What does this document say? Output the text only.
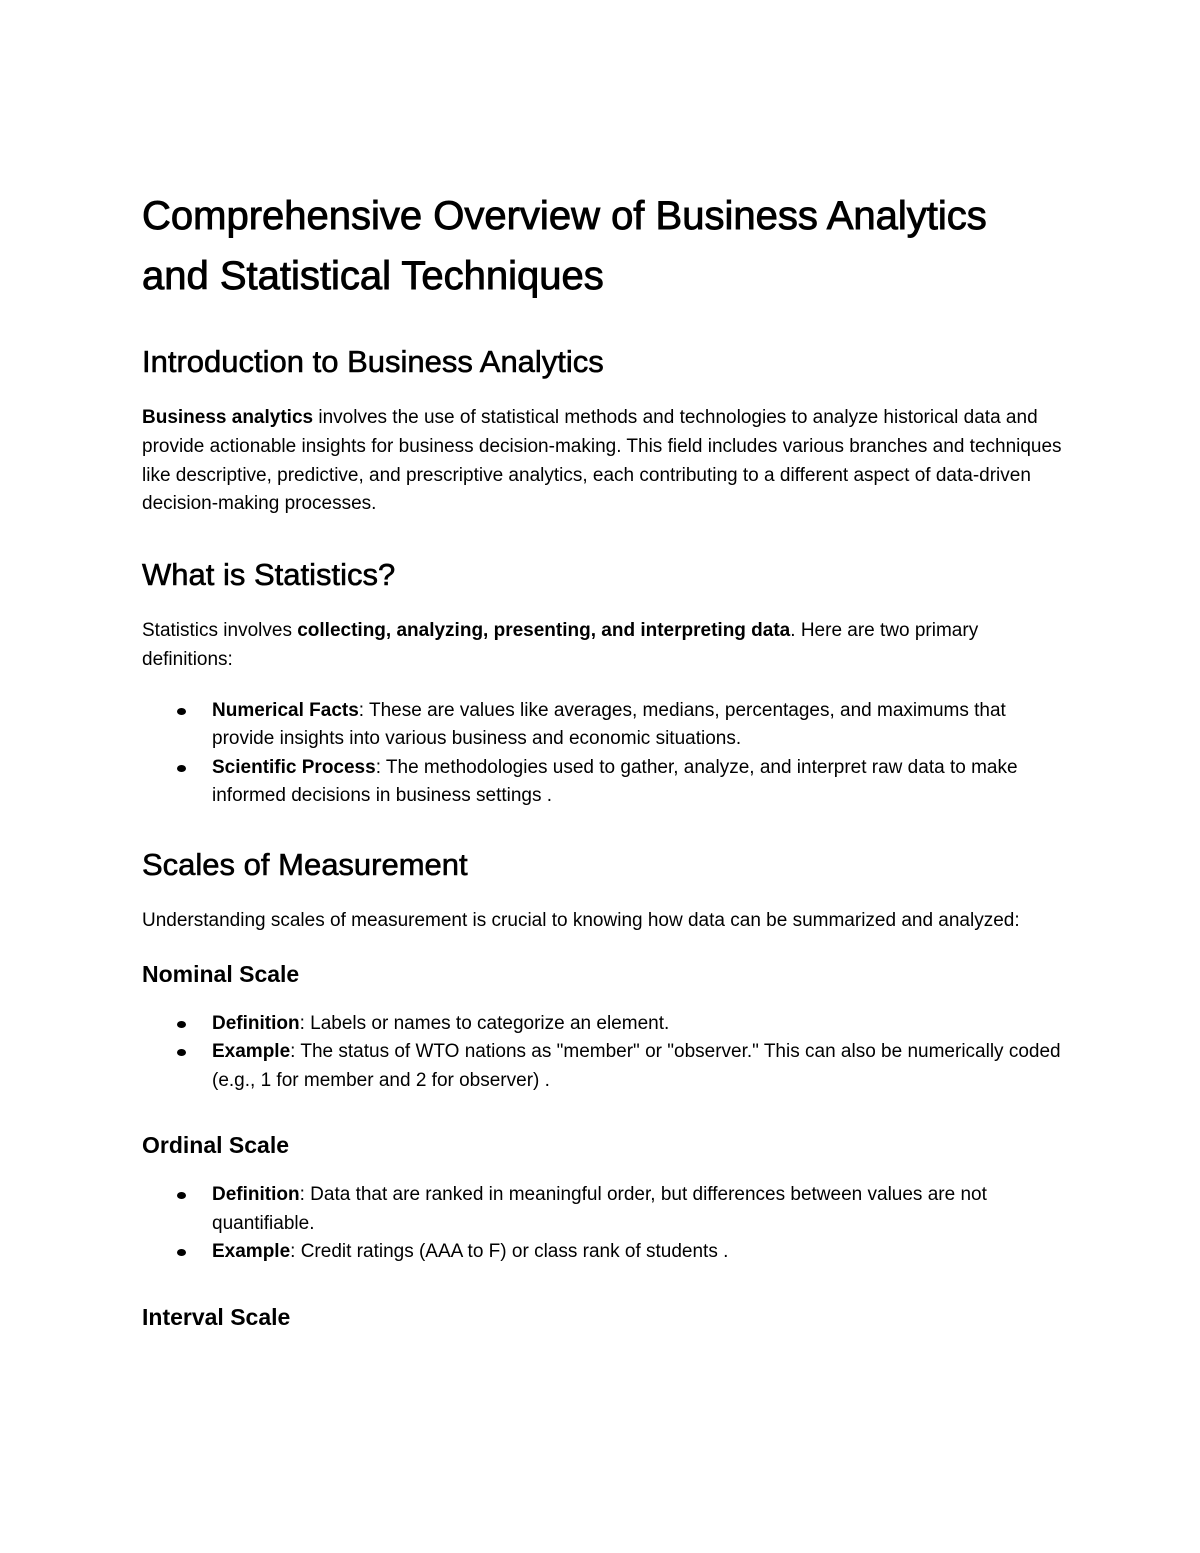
Comprehensive Overview of Business Analytics and Statistical Techniques
Introduction to Business Analytics

Business analytics involves the use of statistical methods and technologies to analyze historical data and provide actionable insights for business decision-making. This field includes various branches and techniques like descriptive, predictive, and prescriptive analytics, each contributing to a different aspect of data-driven decision-making processes.

What is Statistics?

Statistics involves collecting, analyzing, presenting, and interpreting data. Here are two primary definitions:

Numerical Facts: These are values like averages, medians, percentages, and maximums that provide insights into various business and economic situations.
Scientific Process: The methodologies used to gather, analyze, and interpret raw data to make informed decisions in business settings .
Scales of Measurement

Understanding scales of measurement is crucial to knowing how data can be summarized and analyzed:

Nominal Scale
Definition: Labels or names to categorize an element.
Example: The status of WTO nations as "member" or "observer." This can also be numerically coded (e.g., 1 for member and 2 for observer) .
Ordinal Scale
Definition: Data that are ranked in meaningful order, but differences between values are not quantifiable.
Example: Credit ratings (AAA to F) or class rank of students .
Interval Scale
